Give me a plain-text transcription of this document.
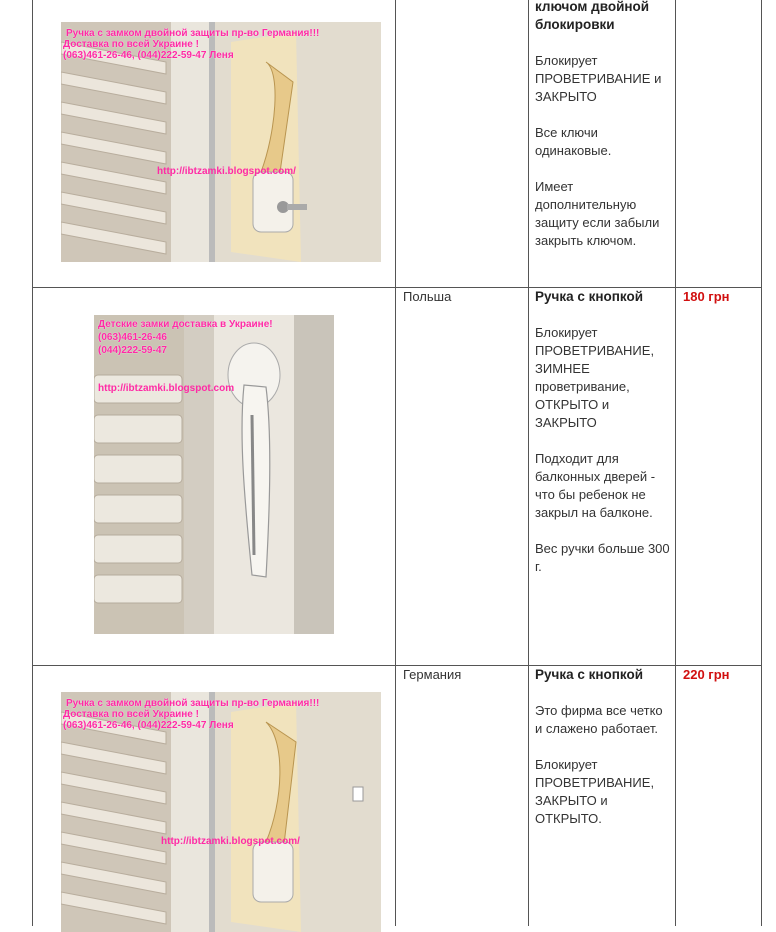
Ручка с замком двойной защиты пр-во Германия!!!
Доставка по всей Украине !
(063)461-26-46, (044)222-59-47 Леня
http://ibtzamki.blogspot.com/

ключом двойной блокировки

Блокирует ПРОВЕТРИВАНИЕ и ЗАКРЫТО

Все ключи одинаковые.

Имеет дополнительную защиту если забыли закрыть ключом.

Детские замки доставка в Украине!
(063)461-26-46
(044)222-59-47
http://ibtzamki.blogspot.com
Польша	Ручка с кнопкой

Блокирует ПРОВЕТРИВАНИЕ, ЗИМНЕЕ проветривание, ОТКРЫТО и ЗАКРЫТО

Подходит для балконных дверей - что бы ребенок не закрыл на балконе.

Вес ручки больше 300 г.

180 грн
Ручка с замком двойной защиты пр-во Германия!!!
Доставка по всей Украине !
(063)461-26-46, (044)222-59-47 Леня
http://ibtzamki.blogspot.com/
Германия	Ручка с кнопкой

Это фирма все четко и слажено работает.

Блокирует ПРОВЕТРИВАНИЕ, ЗАКРЫТО и ОТКРЫТО.

220 грн
